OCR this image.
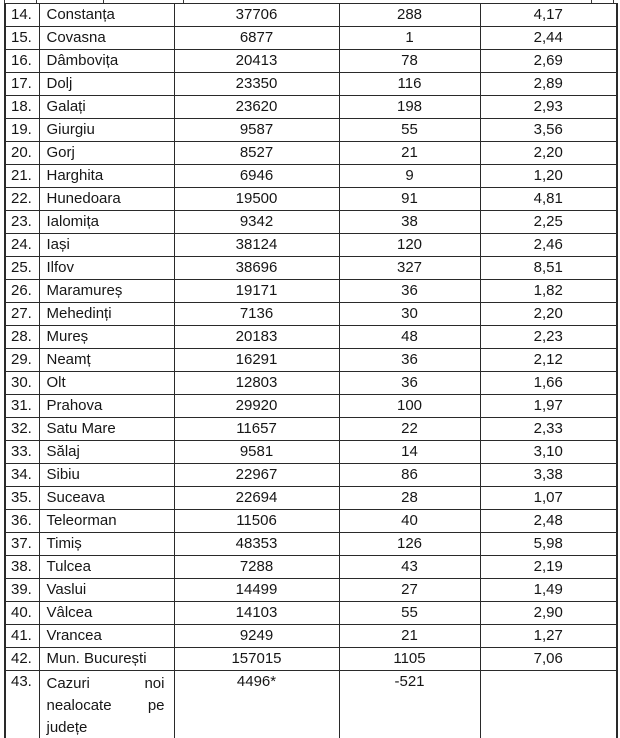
14.	Constanța	37706	288	4,17
15.	Covasna	6877	1	2,44
16.	Dâmbovița	20413	78	2,69
17.	Dolj	23350	116	2,89
18.	Galați	23620	198	2,93
19.	Giurgiu	9587	55	3,56
20.	Gorj	8527	21	2,20
21.	Harghita	6946	9	1,20
22.	Hunedoara	19500	91	4,81
23.	Ialomița	9342	38	2,25
24.	Iași	38124	120	2,46
25.	Ilfov	38696	327	8,51
26.	Maramureș	19171	36	1,82
27.	Mehedinți	7136	30	2,20
28.	Mureș	20183	48	2,23
29.	Neamț	16291	36	2,12
30.	Olt	12803	36	1,66
31.	Prahova	29920	100	1,97
32.	Satu Mare	11657	22	2,33
33.	Sălaj	9581	14	3,10
34.	Sibiu	22967	86	3,38
35.	Suceava	22694	28	1,07
36.	Teleorman	11506	40	2,48
37.	Timiș	48353	126	5,98
38.	Tulcea	7288	43	2,19
39.	Vaslui	14499	27	1,49
40.	Vâlcea	14103	55	2,90
41.	Vrancea	9249	21	1,27
42.	Mun. București	157015	1105	7,06
43.	Cazuri noi
nealocate pe
județe	4496*	-521	
